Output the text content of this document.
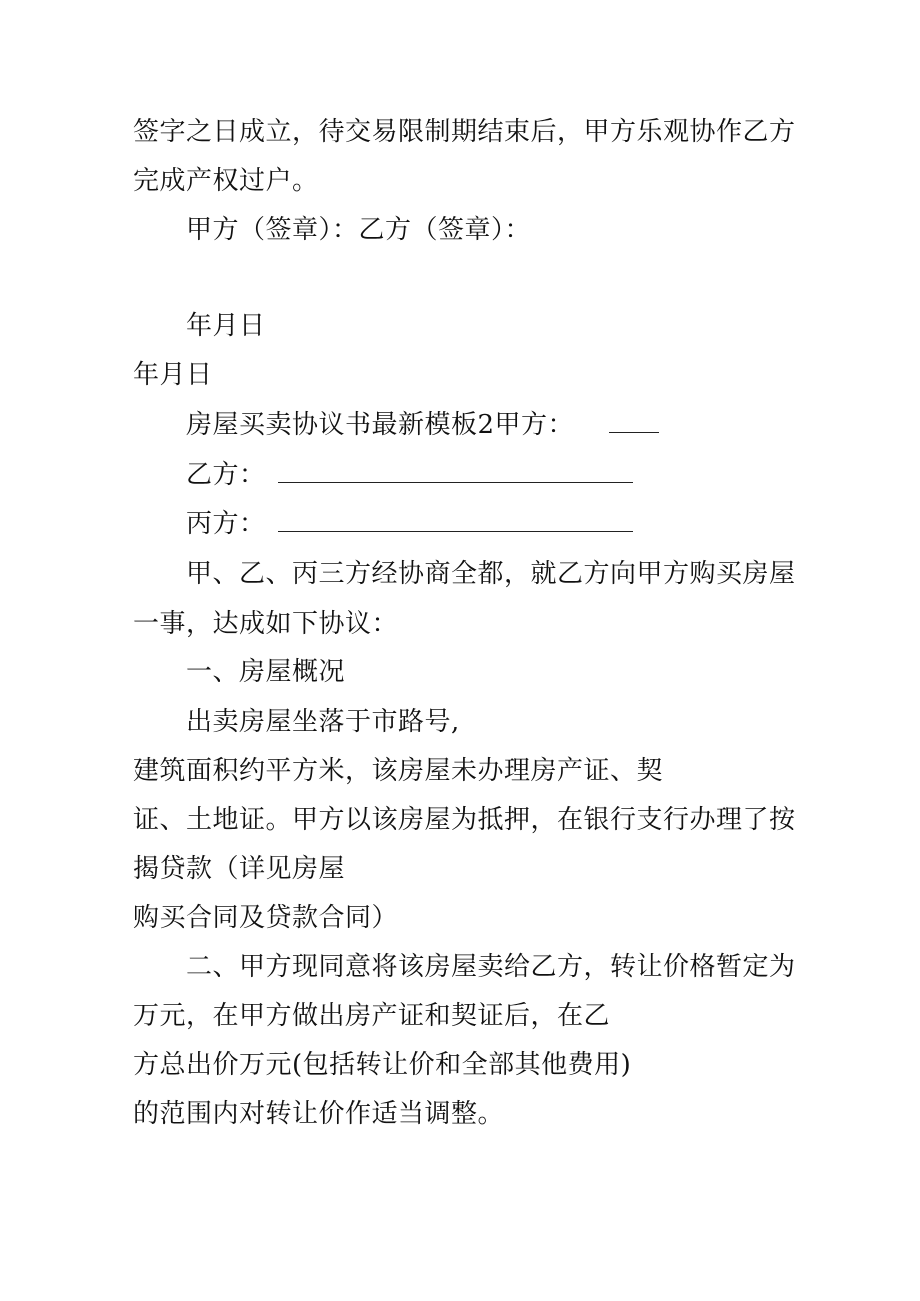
签字之日成立，待交易限制期结束后，甲方乐观协作乙方
完成产权过户。
甲方（签章）：乙方（签章）：
年月日
年月日
房屋买卖协议书最新模板2甲方：
乙方：
丙方：
甲、乙、丙三方经协商全都，就乙方向甲方购买房屋
一事，达成如下协议：
一、房屋概况
出卖房屋坐落于市路号,
建筑面积约平方米，该房屋未办理房产证、契
证、土地证。甲方以该房屋为抵押，在银行支行办理了按
揭贷款（详见房屋
购买合同及贷款合同）
二、甲方现同意将该房屋卖给乙方，转让价格暂定为
万元，在甲方做出房产证和契证后，在乙
方总出价万元(包括转让价和全部其他费用)
的范围内对转让价作适当调整。
